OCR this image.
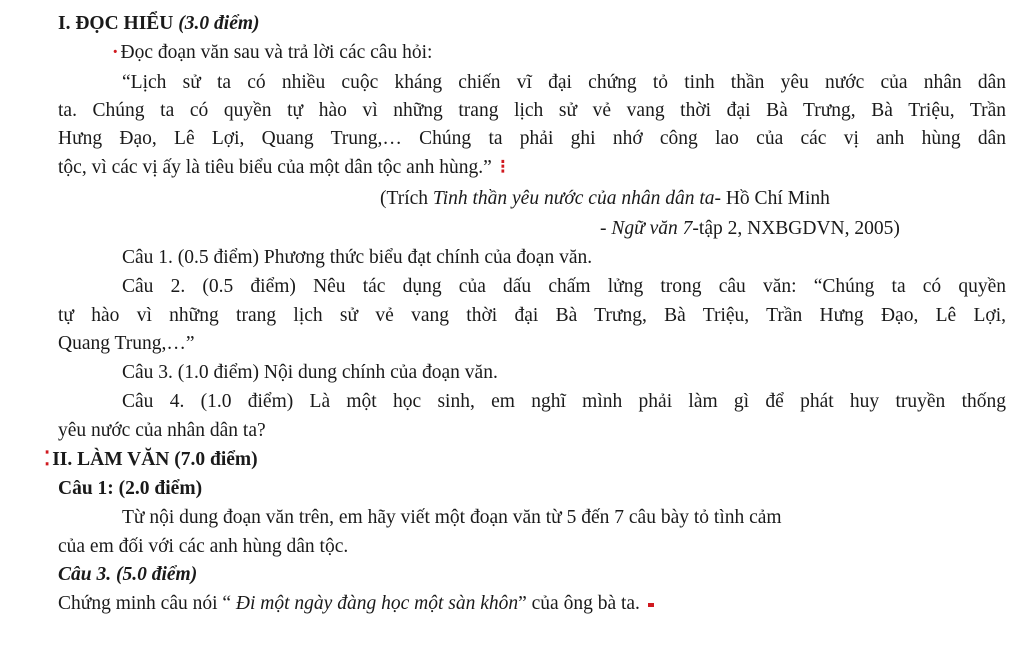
I. ĐỌC HIỂU (3.0 điểm)

· Đọc đoạn văn sau và trả lời các câu hỏi:

“Lịch sử ta có nhiều cuộc kháng chiến vĩ đại chứng tỏ tinh thần yêu nước của nhân dân

ta. Chúng ta có quyền tự hào vì những trang lịch sử vẻ vang thời đại Bà Trưng, Bà Triệu, Trần

Hưng Đạo, Lê Lợi, Quang Trung,… Chúng ta phải ghi nhớ công lao của các vị anh hùng dân

tộc, vì các vị ấy là tiêu biểu của một dân tộc anh hùng.” ⁝

(Trích Tinh thần yêu nước của nhân dân ta- Hồ Chí Minh

- Ngữ văn 7-tập 2, NXBGDVN, 2005)

Câu 1. (0.5 điểm) Phương thức biểu đạt chính của đoạn văn.

Câu 2. (0.5 điểm) Nêu tác dụng của dấu chấm lửng trong câu văn: “Chúng ta có quyền

tự hào vì những trang lịch sử vẻ vang thời đại Bà Trưng, Bà Triệu, Trần Hưng Đạo, Lê Lợi,

Quang Trung,…”

Câu 3. (1.0 điểm) Nội dung chính của đoạn văn.

Câu 4. (1.0 điểm) Là một học sinh, em nghĩ mình phải làm gì để phát huy truyền thống

yêu nước của nhân dân ta?

⁚ II. LÀM VĂN (7.0 điểm)

Câu 1: (2.0 điểm)

Từ nội dung đoạn văn trên, em hãy viết một đoạn văn từ 5 đến 7 câu bày tỏ tình cảm

của em đối với các anh hùng dân tộc.

Câu 3. (5.0 điểm)

Chứng minh câu nói “ Đi một ngày đàng học một sàn khôn” của ông bà ta.
